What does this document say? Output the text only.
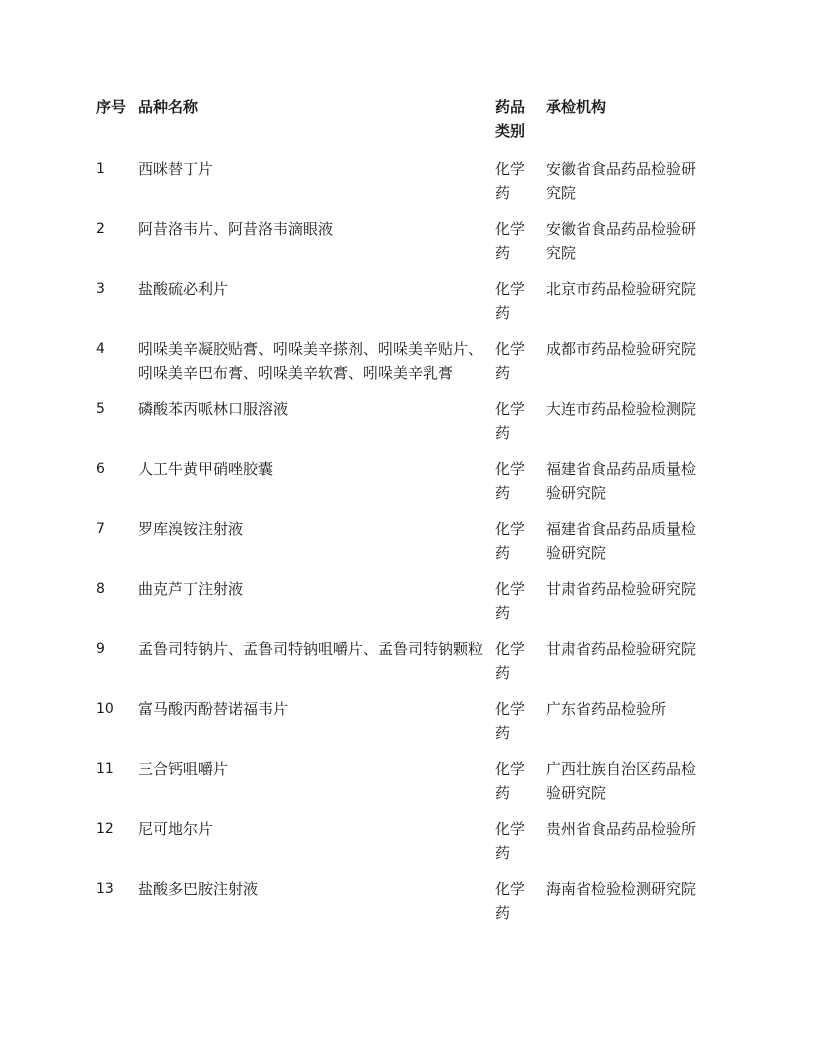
序号	品种名称	药品类别	承检机构
1	西咪替丁片	化学药	安徽省食品药品检验研究院
2	阿昔洛韦片、阿昔洛韦滴眼液	化学药	安徽省食品药品检验研究院
3	盐酸硫必利片	化学药	北京市药品检验研究院
4	吲哚美辛凝胶贴膏、吲哚美辛搽剂、吲哚美辛贴片、吲哚美辛巴布膏、吲哚美辛软膏、吲哚美辛乳膏	化学药	成都市药品检验研究院
5	磷酸苯丙哌林口服溶液	化学药	大连市药品检验检测院
6	人工牛黄甲硝唑胶囊	化学药	福建省食品药品质量检验研究院
7	罗库溴铵注射液	化学药	福建省食品药品质量检验研究院
8	曲克芦丁注射液	化学药	甘肃省药品检验研究院
9	孟鲁司特钠片、孟鲁司特钠咀嚼片、孟鲁司特钠颗粒	化学药	甘肃省药品检验研究院
10	富马酸丙酚替诺福韦片	化学药	广东省药品检验所
11	三合钙咀嚼片	化学药	广西壮族自治区药品检验研究院
12	尼可地尔片	化学药	贵州省食品药品检验所
13	盐酸多巴胺注射液	化学药	海南省检验检测研究院
